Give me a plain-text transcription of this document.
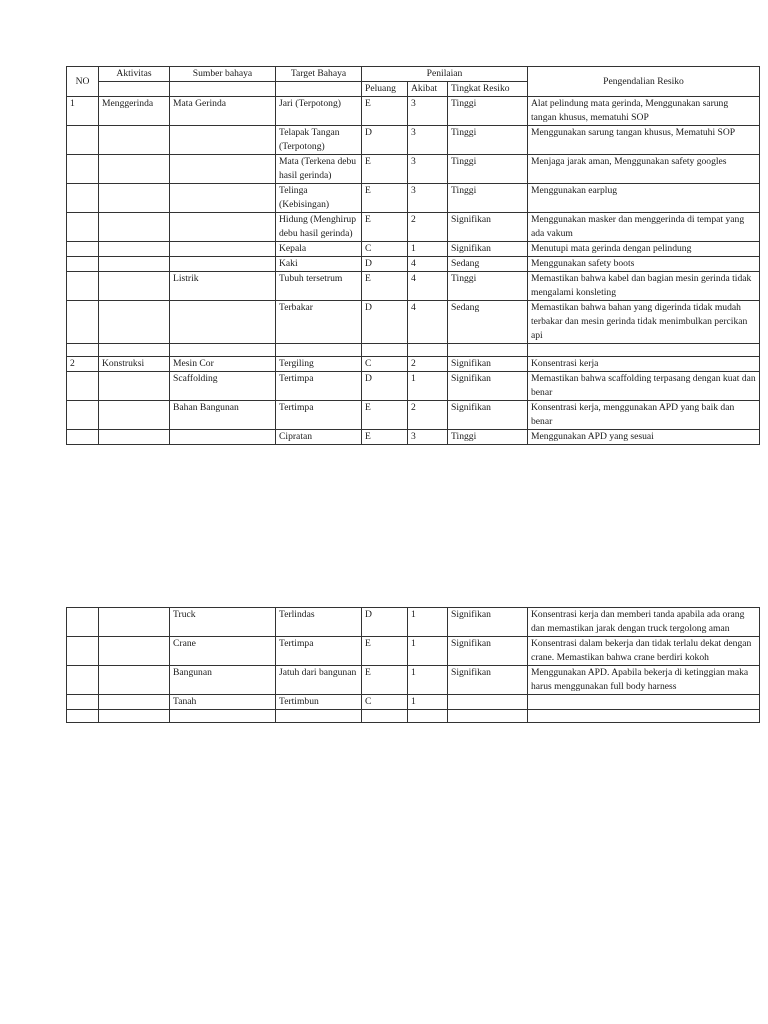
NO	Aktivitas	Sumber bahaya	Target Bahaya	Penilaian			Pengendalian Resiko
				Peluang	Akibat	Tingkat Resiko	
1	Menggerinda	Mata Gerinda	Jari (Terpotong)	E	3	Tinggi	Alat pelindung mata gerinda, Menggunakan sarung tangan khusus, mematuhi SOP
			Telapak Tangan (Terpotong)	D	3	Tinggi	Menggunakan sarung tangan khusus, Mematuhi SOP
			Mata (Terkena debu hasil gerinda)	E	3	Tinggi	Menjaga jarak aman, Menggunakan safety googles
			Telinga (Kebisingan)	E	3	Tinggi	Menggunakan earplug
			Hidung (Menghirup debu hasil gerinda)	E	2	Signifikan	Menggunakan masker dan menggerinda di tempat yang ada vakum
			Kepala	C	1	Signifikan	Menutupi mata gerinda dengan pelindung
			Kaki	D	4	Sedang	Menggunakan safety boots
		Listrik	Tubuh tersetrum	E	4	Tinggi	Memastikan bahwa kabel dan bagian mesin gerinda tidak mengalami konsleting
			Terbakar	D	4	Sedang	Memastikan bahwa bahan yang digerinda tidak mudah terbakar dan mesin gerinda tidak menimbulkan percikan api

2	Konstruksi	Mesin Cor	Tergiling	C	2	Signifikan	Konsentrasi kerja
		Scaffolding	Tertimpa	D	1	Signifikan	Memastikan bahwa scaffolding terpasang dengan kuat dan benar
		Bahan Bangunan	Tertimpa	E	2	Signifikan	Konsentrasi kerja, menggunakan APD yang baik dan benar
			Cipratan	E	3	Tinggi	Menggunakan APD yang sesuai
		Truck	Terlindas	D	1	Signifikan	Konsentrasi kerja dan memberi tanda apabila ada orang dan memastikan jarak dengan truck tergolong aman
		Crane	Tertimpa	E	1	Signifikan	Konsentrasi dalam bekerja dan tidak terlalu dekat dengan crane. Memastikan bahwa crane berdiri kokoh
		Bangunan	Jatuh dari bangunan	E	1	Signifikan	Menggunakan APD. Apabila bekerja di ketinggian maka harus menggunakan full body harness
		Tanah	Tertimbun	C	1		
